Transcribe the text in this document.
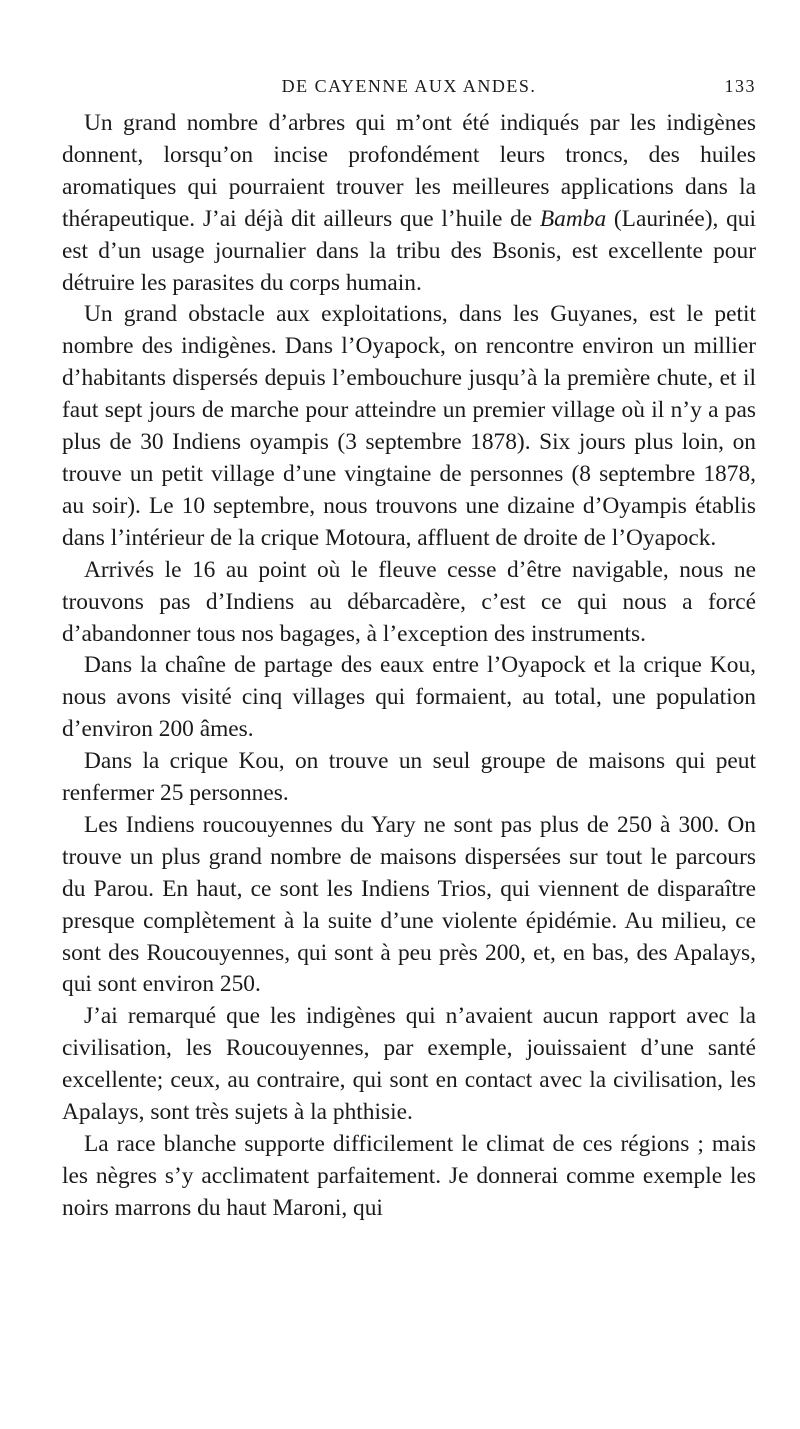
DE CAYENNE AUX ANDES.	133

Un grand nombre d’arbres qui m’ont été indiqués par les indigènes donnent, lorsqu’on incise profondément leurs troncs, des huiles aromatiques qui pourraient trouver les meilleures applications dans la thérapeutique. J’ai déjà dit ailleurs que l’huile de Bamba (Laurinée), qui est d’un usage journalier dans la tribu des Bsonis, est excellente pour détruire les parasites du corps humain.

Un grand obstacle aux exploitations, dans les Guyanes, est le petit nombre des indigènes. Dans l’Oyapock, on rencontre environ un millier d’habitants dispersés depuis l’embouchure jusqu’à la première chute, et il faut sept jours de marche pour atteindre un premier village où il n’y a pas plus de 30 Indiens oyampis (3 septembre 1878). Six jours plus loin, on trouve un petit village d’une vingtaine de personnes (8 septembre 1878, au soir). Le 10 septembre, nous trouvons une dizaine d’Oyampis établis dans l’intérieur de la crique Motoura, affluent de droite de l’Oyapock.

Arrivés le 16 au point où le fleuve cesse d’être navigable, nous ne trouvons pas d’Indiens au débarcadère, c’est ce qui nous a forcé d’abandonner tous nos bagages, à l’exception des instruments.

Dans la chaîne de partage des eaux entre l’Oyapock et la crique Kou, nous avons visité cinq villages qui formaient, au total, une population d’environ 200 âmes.

Dans la crique Kou, on trouve un seul groupe de maisons qui peut renfermer 25 personnes.

Les Indiens roucouyennes du Yary ne sont pas plus de 250 à 300. On trouve un plus grand nombre de maisons dispersées sur tout le parcours du Parou. En haut, ce sont les Indiens Trios, qui viennent de disparaître presque complètement à la suite d’une violente épidémie. Au milieu, ce sont des Roucouyennes, qui sont à peu près 200, et, en bas, des Apalays, qui sont environ 250.

J’ai remarqué que les indigènes qui n’avaient aucun rapport avec la civilisation, les Roucouyennes, par exemple, jouissaient d’une santé excellente; ceux, au contraire, qui sont en contact avec la civilisation, les Apalays, sont très sujets à la phthisie.

La race blanche supporte difficilement le climat de ces régions ; mais les nègres s’y acclimatent parfaitement. Je donnerai comme exemple les noirs marrons du haut Maroni, qui
